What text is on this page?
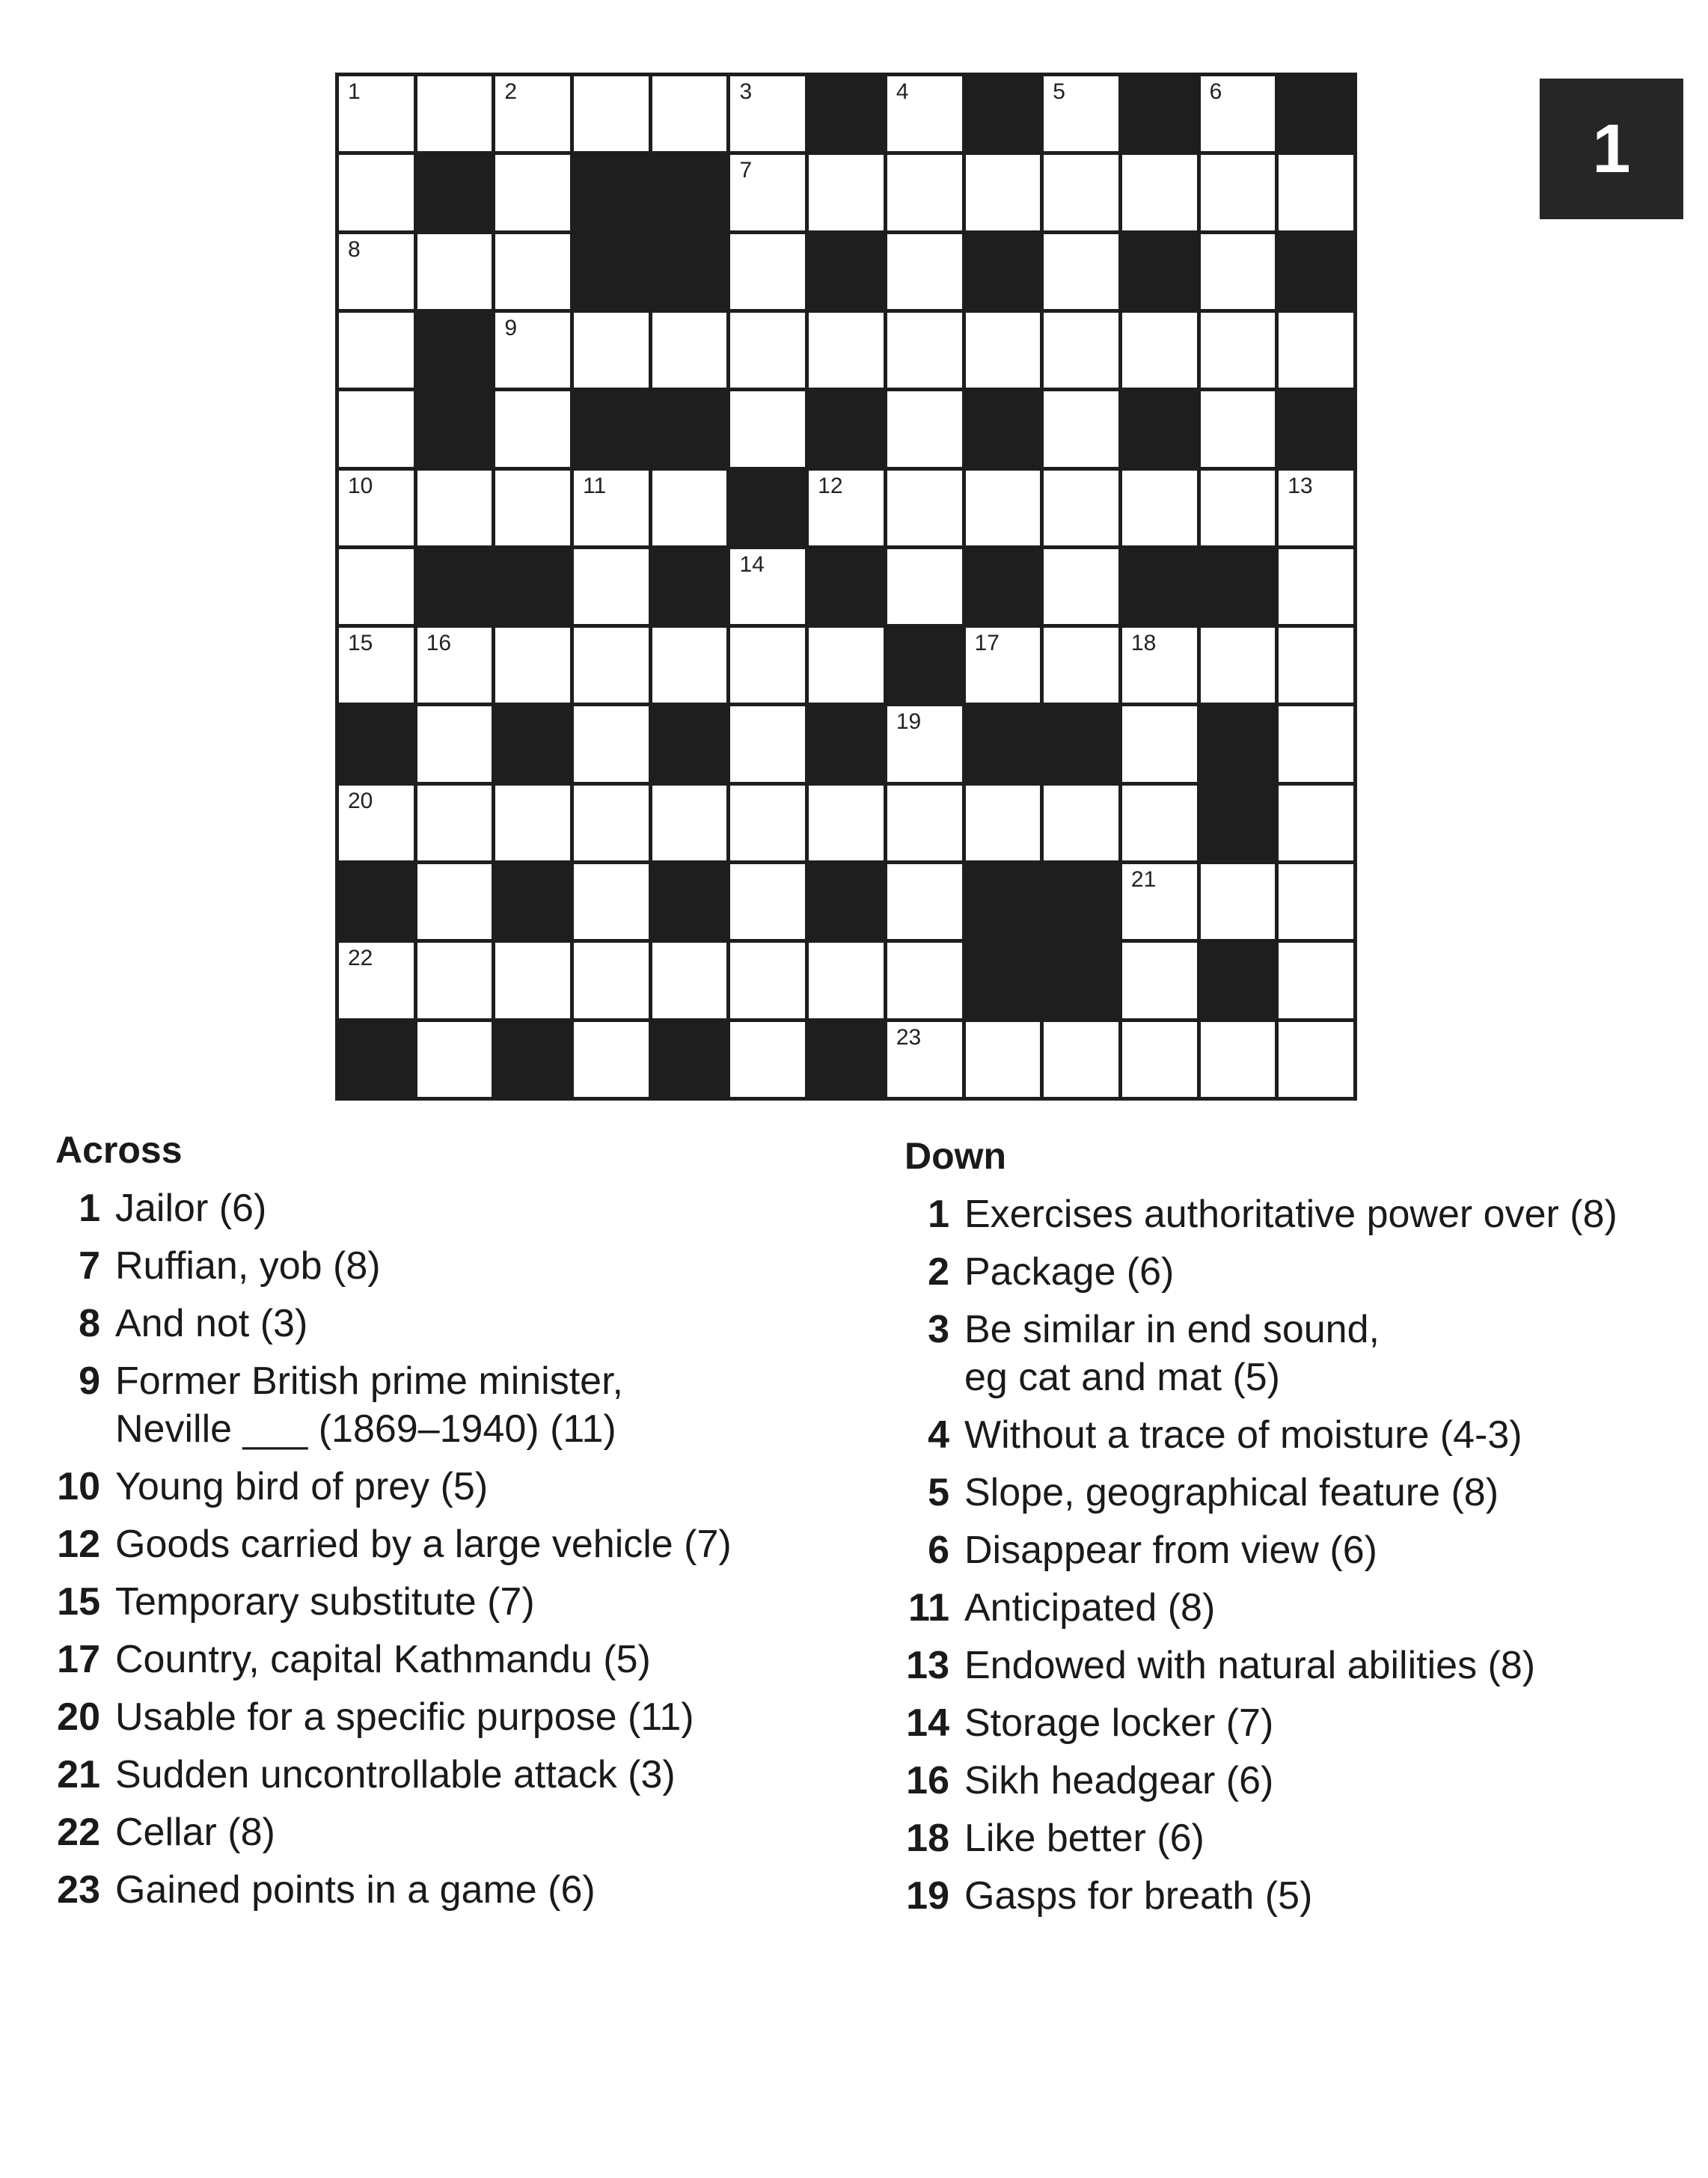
1	2	3	4	5	6
7
8
9
10	11	12	13
14
15 16	17	18
19
20
21
22
23
1
Across
1 Jailor (6)
7 Ruffian, yob (8)
8 And not (3)
9 Former British prime minister,
Neville ___ (1869–1940) (11)
10 Young bird of prey (5)
12 Goods carried by a large vehicle (7)
15 Temporary substitute (7)
17 Country, capital Kathmandu (5)
20 Usable for a specific purpose (11)
21 Sudden uncontrollable attack (3)
22 Cellar (8)
23 Gained points in a game (6)
Down
1 Exercises authoritative power over (8)
2 Package (6)
3 Be similar in end sound,
eg cat and mat (5)
4 Without a trace of moisture (4-3)
5 Slope, geographical feature (8)
6 Disappear from view (6)
11 Anticipated (8)
13 Endowed with natural abilities (8)
14 Storage locker (7)
16 Sikh headgear (6)
18 Like better (6)
19 Gasps for breath (5)
